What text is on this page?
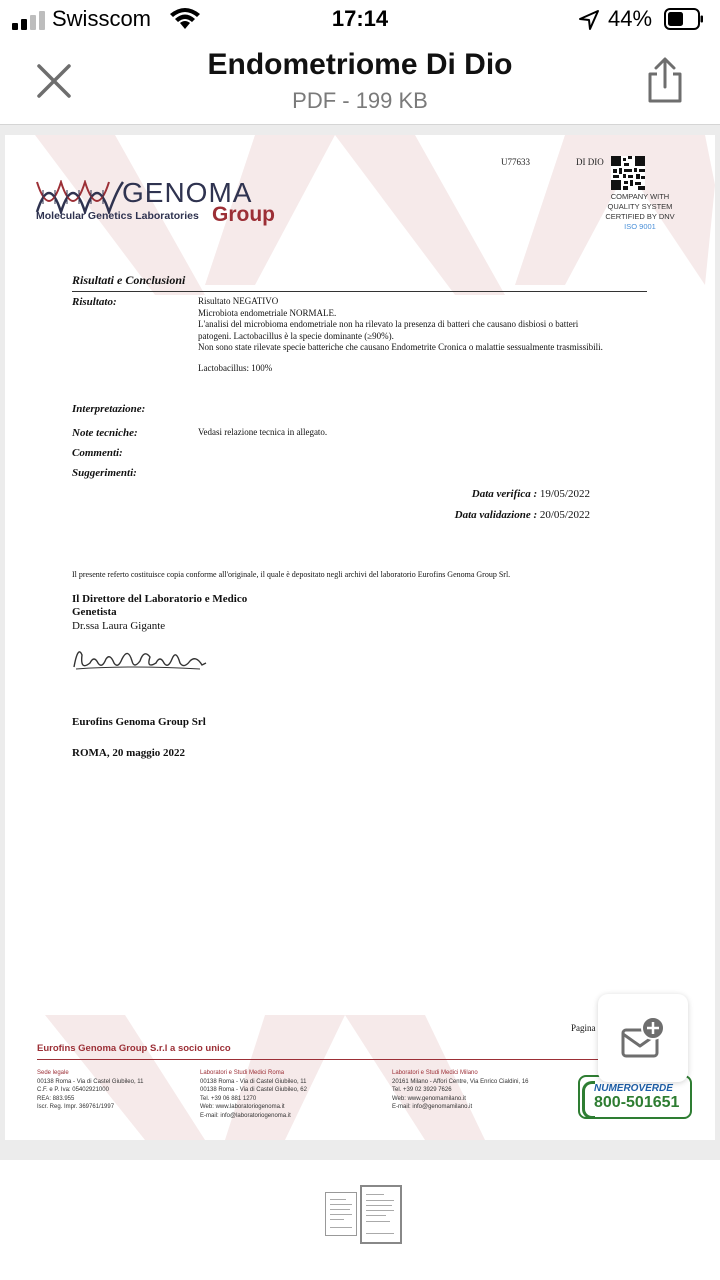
Swisscom	17:14	44%
Endometriome Di Dio
PDF - 199 KB
GENOMA
Molecular Genetics Laboratories Group
U77633	DI DIO
COMPANY WITH
QUALITY SYSTEM
CERTIFIED BY DNV
ISO 9001
Risultati e Conclusioni
Risultato:	Risultato NEGATIVO
Microbiota endometriale NORMALE.
L'analisi del microbioma endometriale non ha rilevato la presenza di batteri che causano disbiosi o batteri
patogeni. Lactobacillus è la specie dominante (≥90%).
Non sono state rilevate specie batteriche che causano Endometrite Cronica o malattie sessualmente trasmissibili.
Lactobacillus: 100%
Interpretazione:
Note tecniche:	Vedasi relazione tecnica in allegato.
Commenti:
Suggerimenti:
Data verifica : 19/05/2022
Data validazione : 20/05/2022
Il presente referto costituisce copia conforme all'originale, il quale è depositato negli archivi del laboratorio Eurofins Genoma Group Srl.
Il Direttore del Laboratorio e Medico
Genetista
Dr.ssa Laura Gigante
Eurofins Genoma Group Srl
ROMA, 20 maggio 2022
Pagina
Eurofins Genoma Group S.r.l a socio unico
Sede legale
00138 Roma - Via di Castel Giubileo, 11
C.F. e P. Iva: 05402921000
REA: 883.955
Iscr. Reg. Impr. 369761/1997
Laboratori e Studi Medici Roma
00138 Roma - Via di Castel Giubileo, 11
00138 Roma - Via di Castel Giubileo, 62
Tel. +39 06 881 1270
Web: www.laboratoriogenoma.it
E-mail: info@laboratoriogenoma.it
Laboratori e Studi Medici Milano
20161 Milano - Affori Centre, Via Enrico Cialdini, 16
Tel. +39 02 3929 7626
Web: www.genomamilano.it
E-mail: info@genomamilano.it
NUMEROVERDE
800-501651
